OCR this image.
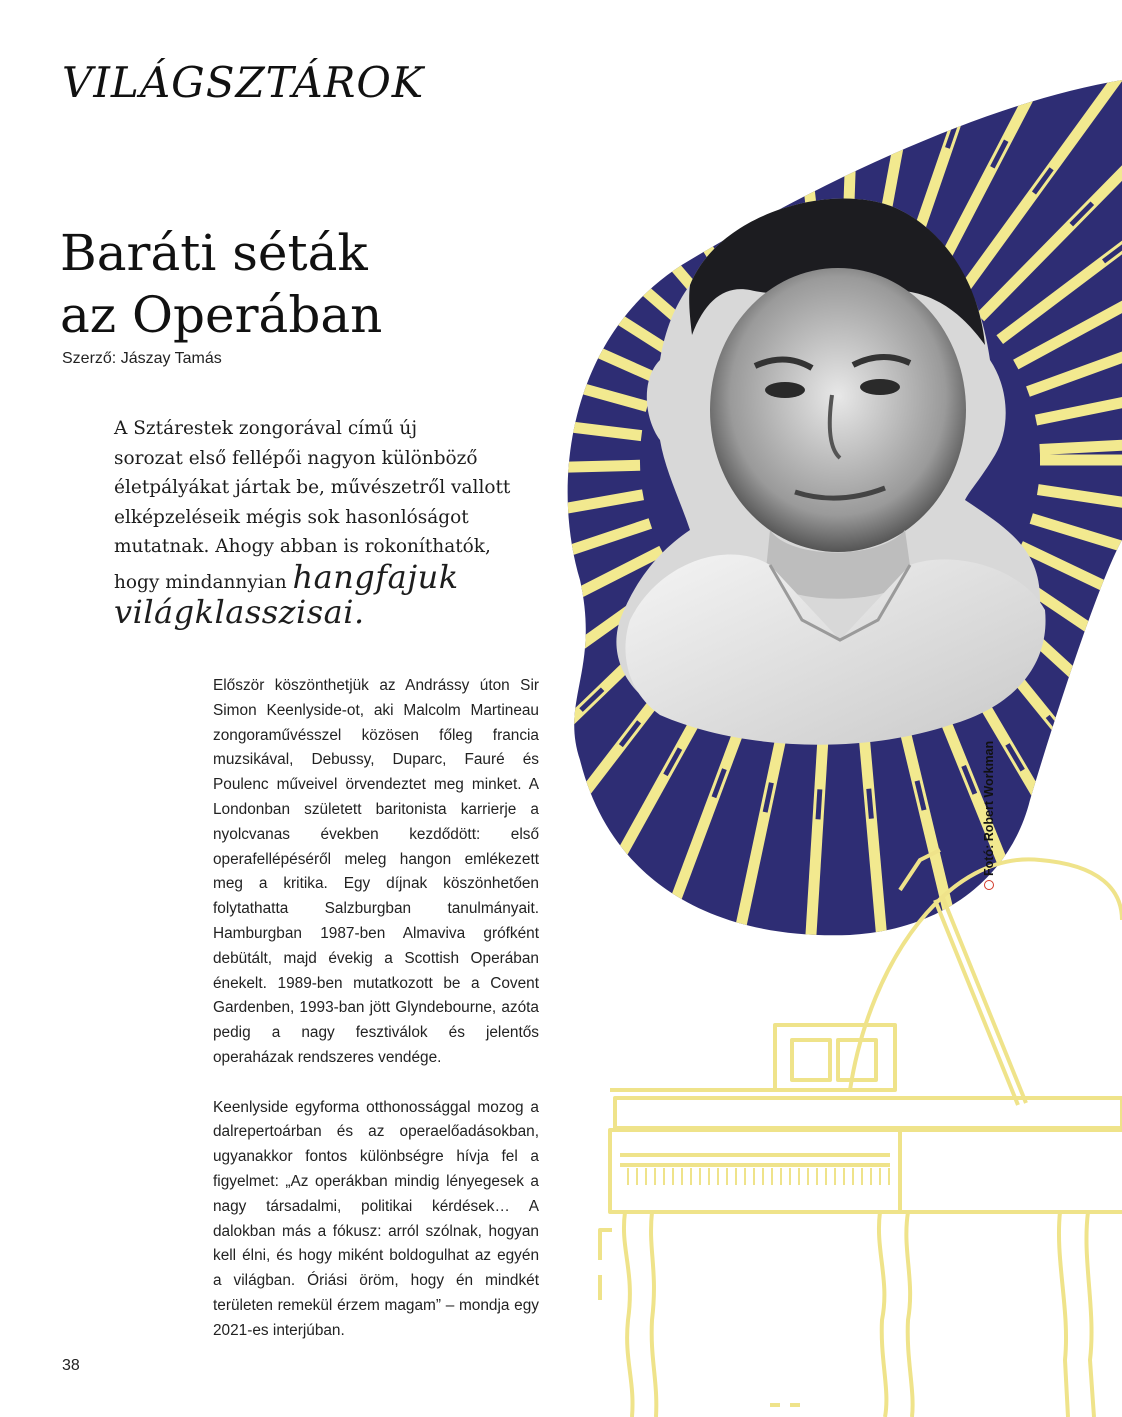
VILÁGSZTÁROK
Baráti séták
az Operában
Szerző: Jászay Tamás

A Sztárestek zongorával című új
sorozat első fellépői nagyon különböző
életpályákat jártak be, művészetről vallott
elképzeléseik mégis sok hasonlóságot
mutatnak. Ahogy abban is rokoníthatók,
hogy mindannyian hangfajuk
világklasszisai.

Először köszönthetjük az Andrássy úton Sir Simon Keenlyside-ot, aki Malcolm Martineau zongoraművésszel közösen főleg francia muzsikával, Debussy, Duparc, Fauré és Poulenc műveivel örvendeztet meg minket. A Londonban született baritonista karrierje a nyolcvanas években kezdődött: első operafellépéséről meleg hangon emlékezett meg a kritika. Egy díjnak köszönhetően folytathatta Salzburgban tanulmányait. Hamburgban 1987-ben Almaviva grófként debütált, majd évekig a Scottish Operában énekelt. 1989-ben mutatkozott be a Covent Gardenben, 1993-ban jött Glyndebourne, azóta pedig a nagy fesztiválok és jelentős operaházak rendszeres vendége.

Keenlyside egyforma otthonossággal mozog a dalrepertoárban és az operaelőadásokban, ugyanakkor fontos különbségre hívja fel a figyelmet: „Az operákban mindig lényegesek a nagy társadalmi, politikai kérdések… A dalokban más a fókusz: arról szólnak, hogyan kell élni, és hogy miként boldogulhat az egyén a világban. Óriási öröm, hogy én mindkét területen remekül érzem magam” – mondja egy 2021-es interjúban.

Fotó: Robert Workman
38
